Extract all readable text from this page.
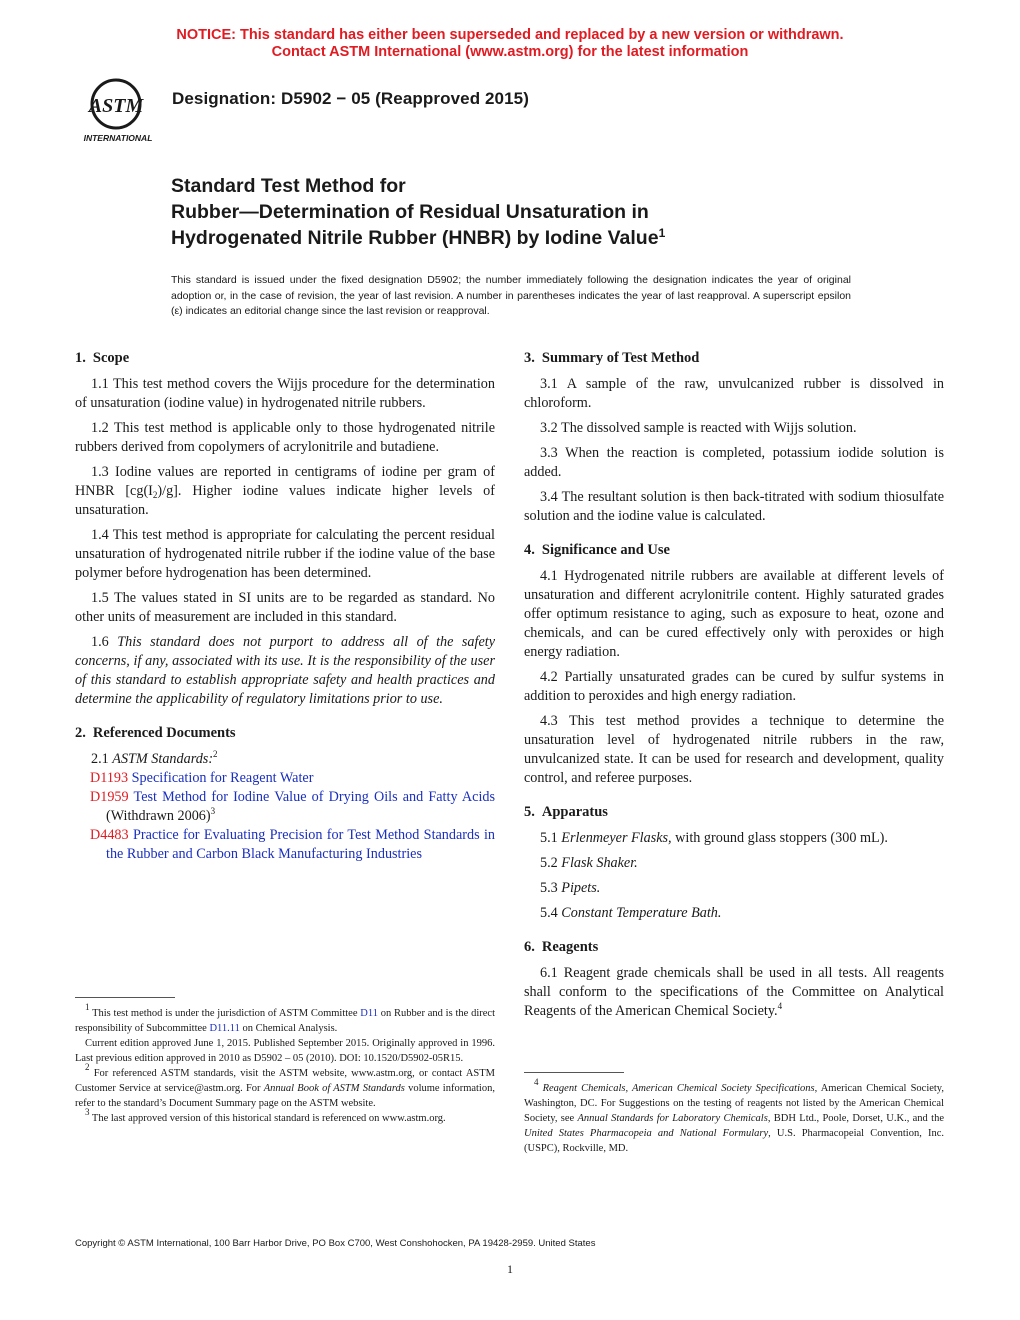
NOTICE: This standard has either been superseded and replaced by a new version or withdrawn.
Contact ASTM International (www.astm.org) for the latest information
ASTM
INTERNATIONAL
Designation: D5902 − 05 (Reapproved 2015)
Standard Test Method for
Rubber—Determination of Residual Unsaturation in
Hydrogenated Nitrile Rubber (HNBR) by Iodine Value$^1$
This standard is issued under the fixed designation D5902; the number immediately following the designation indicates the year of original adoption or, in the case of revision, the year of last revision. A number in parentheses indicates the year of last reapproval. A superscript epsilon (ε) indicates an editorial change since the last revision or reapproval.
1. Scope

1.1 This test method covers the Wijjs procedure for the determination of unsaturation (iodine value) in hydrogenated nitrile rubbers.

1.2 This test method is applicable only to those hydrogenated nitrile rubbers derived from copolymers of acrylonitrile and butadiene.

1.3 Iodine values are reported in centigrams of iodine per gram of HNBR $[cg(I_2)/g]$. Higher iodine values indicate higher levels of unsaturation.

1.4 This test method is appropriate for calculating the percent residual unsaturation of hydrogenated nitrile rubber if the iodine value of the base polymer before hydrogenation has been determined.

1.5 The values stated in SI units are to be regarded as standard. No other units of measurement are included in this standard.

1.6 This standard does not purport to address all of the safety concerns, if any, associated with its use. It is the responsibility of the user of this standard to establish appropriate safety and health practices and determine the applicability of regulatory limitations prior to use.

2. Referenced Documents

2.1 ASTM Standards:$^2$

D1193 Specification for Reagent Water
D1959 Test Method for Iodine Value of Drying Oils and Fatty Acids (Withdrawn 2006)$^3$
D4483 Practice for Evaluating Precision for Test Method Standards in the Rubber and Carbon Black Manufacturing Industries
3. Summary of Test Method

3.1 A sample of the raw, unvulcanized rubber is dissolved in chloroform.

3.2 The dissolved sample is reacted with Wijjs solution.

3.3 When the reaction is completed, potassium iodide solution is added.

3.4 The resultant solution is then back-titrated with sodium thiosulfate solution and the iodine value is calculated.

4. Significance and Use

4.1 Hydrogenated nitrile rubbers are available at different levels of unsaturation and different acrylonitrile content. Highly saturated grades offer optimum resistance to aging, such as exposure to heat, ozone and chemicals, and can be cured effectively only with peroxides or high energy radiation.

4.2 Partially unsaturated grades can be cured by sulfur systems in addition to peroxides and high energy radiation.

4.3 This test method provides a technique to determine the unsaturation level of hydrogenated nitrile rubbers in the raw, unvulcanized state. It can be used for research and development, quality control, and referee purposes.

5. Apparatus

5.1 Erlenmeyer Flasks, with ground glass stoppers (300 mL).

5.2 Flask Shaker.

5.3 Pipets.

5.4 Constant Temperature Bath.

6. Reagents

6.1 Reagent grade chemicals shall be used in all tests. All reagents shall conform to the specifications of the Committee on Analytical Reagents of the American Chemical Society.$^4$

$^1$ This test method is under the jurisdiction of ASTM Committee D11 on Rubber and is the direct responsibility of Subcommittee D11.11 on Chemical Analysis.

Current edition approved June 1, 2015. Published September 2015. Originally approved in 1996. Last previous edition approved in 2010 as D5902 – 05 (2010). DOI: 10.1520/D5902-05R15.

$^2$ For referenced ASTM standards, visit the ASTM website, www.astm.org, or contact ASTM Customer Service at service@astm.org. For Annual Book of ASTM Standards volume information, refer to the standard’s Document Summary page on the ASTM website.

$^3$ The last approved version of this historical standard is referenced on www.astm.org.

$^4$ Reagent Chemicals, American Chemical Society Specifications, American Chemical Society, Washington, DC. For Suggestions on the testing of reagents not listed by the American Chemical Society, see Annual Standards for Laboratory Chemicals, BDH Ltd., Poole, Dorset, U.K., and the United States Pharmacopeia and National Formulary, U.S. Pharmacopeial Convention, Inc. (USPC), Rockville, MD.

Copyright © ASTM International, 100 Barr Harbor Drive, PO Box C700, West Conshohocken, PA 19428-2959. United States
1
